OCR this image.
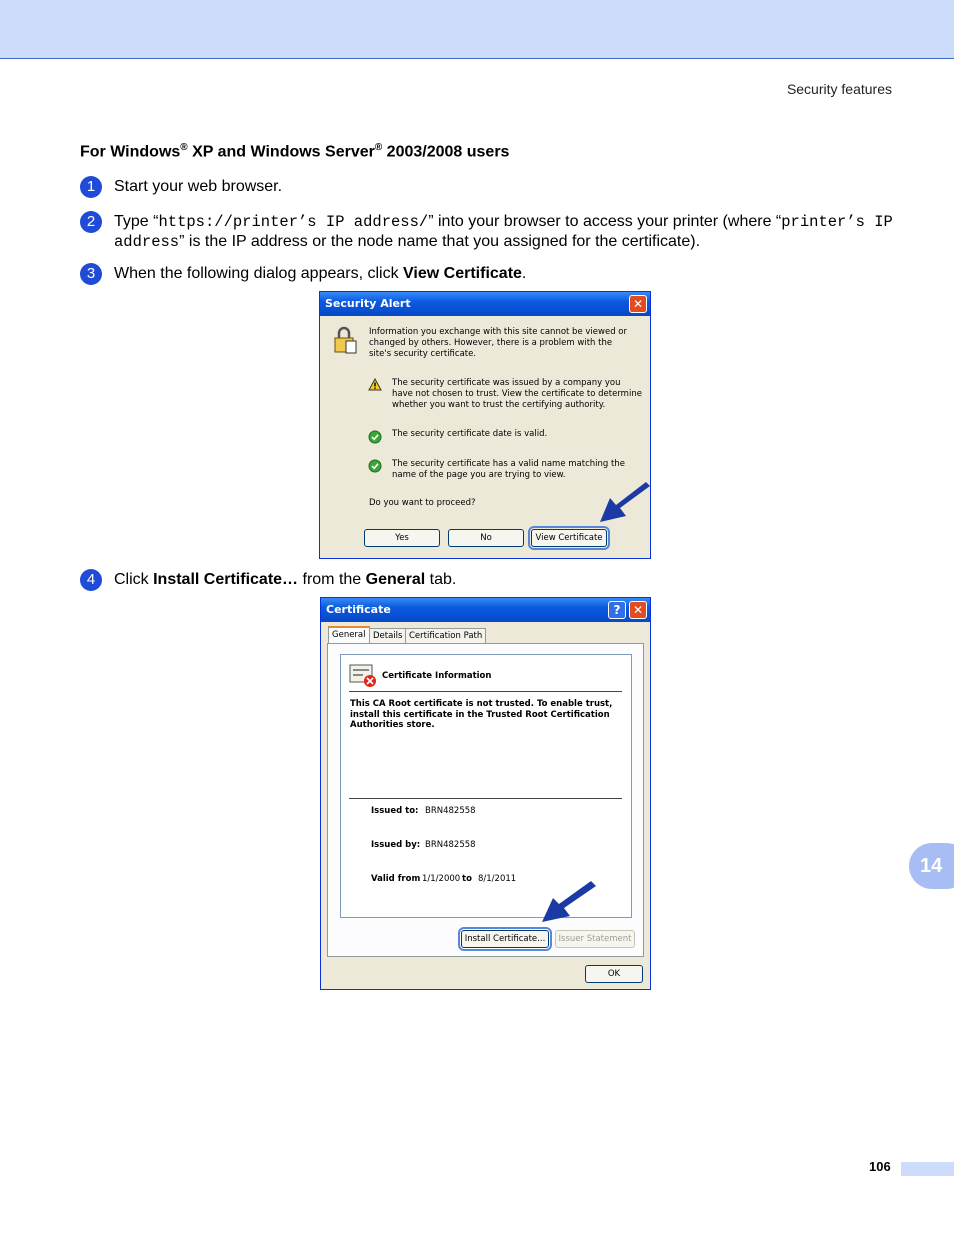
Security features
For Windows® XP and Windows Server® 2003/2008 users
1	Start your web browser.
2	Type “https://printer’s IP address/” into your browser to access your printer (where “printer’s IP address” is the IP address or the node name that you assigned for the certificate).
3	When the following dialog appears, click View Certificate.
Security Alert	✕
Information you exchange with this site cannot be viewed or changed by others. However, there is a problem with the site's security certificate.
The security certificate was issued by a company you have not chosen to trust. View the certificate to determine whether you want to trust the certifying authority.
The security certificate date is valid.
The security certificate has a valid name matching the name of the page you are trying to view.
Do you want to proceed?
Yes	No	View Certificate
4	Click Install Certificate… from the General tab.
Certificate	?	✕
General Details Certification Path
Certificate Information
This CA Root certificate is not trusted. To enable trust, install this certificate in the Trusted Root Certification Authorities store.
Issued to: BRN482558
Issued by: BRN482558
Valid from 1/1/2000 to 8/1/2011
Install Certificate...	Issuer Statement
OK
14
106
